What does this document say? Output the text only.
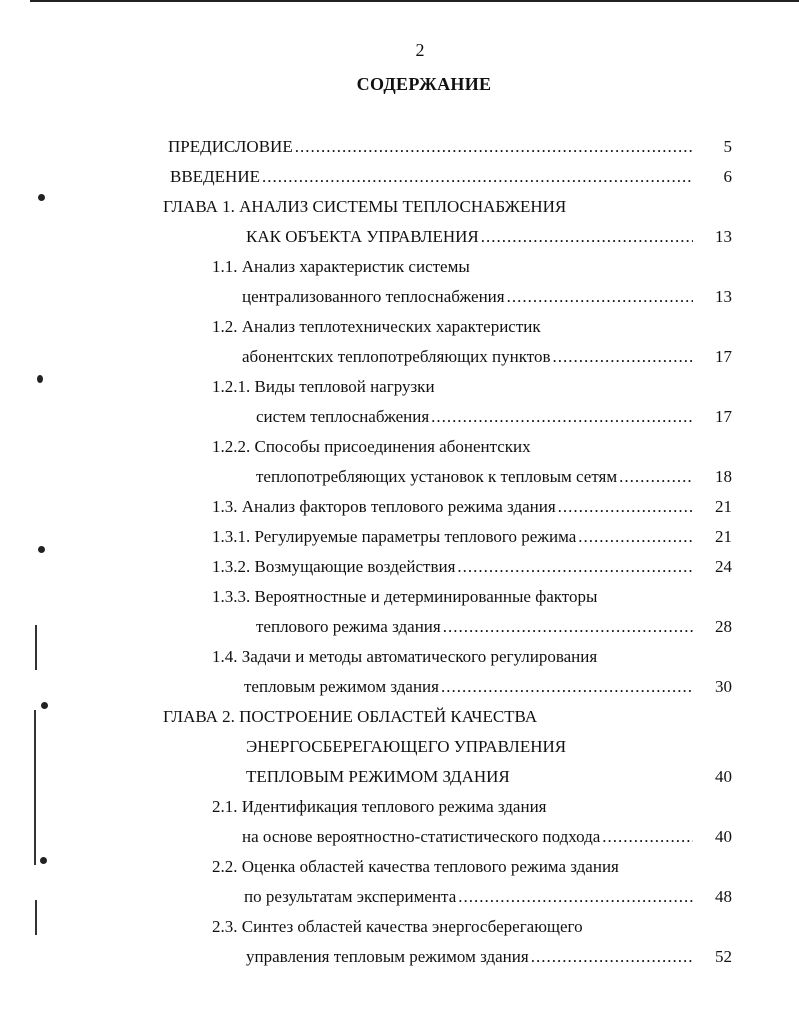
2
СОДЕРЖАНИЕ
ПРЕДИСЛОВИЕ .....	5
ВВЕДЕНИЕ .....	6
ГЛАВА 1. АНАЛИЗ СИСТЕМЫ ТЕПЛОСНАБЖЕНИЯ
КАК ОБЪЕКТА УПРАВЛЕНИЯ .....	13
1.1. Анализ характеристик системы
централизованного теплоснабжения .....	13
1.2. Анализ теплотехнических характеристик
абонентских теплопотребляющих пунктов .....	17
1.2.1. Виды тепловой нагрузки
систем теплоснабжения .....	17
1.2.2. Способы присоединения абонентских
теплопотребляющих установок к тепловым сетям .....	18
1.3. Анализ факторов теплового режима здания .....	21
1.3.1. Регулируемые параметры теплового режима .....	21
1.3.2. Возмущающие воздействия .....	24
1.3.3. Вероятностные и детерминированные факторы
теплового режима здания .....	28
1.4. Задачи и методы автоматического регулирования
тепловым режимом здания .....	30
ГЛАВА 2. ПОСТРОЕНИЕ ОБЛАСТЕЙ КАЧЕСТВА
ЭНЕРГОСБЕРЕГАЮЩЕГО УПРАВЛЕНИЯ
ТЕПЛОВЫМ РЕЖИМОМ ЗДАНИЯ	40
2.1. Идентификация теплового режима здания
на основе вероятностно-статистического подхода .....	40
2.2. Оценка областей качества теплового режима здания
по результатам эксперимента .....	48
2.3. Синтез областей качества энергосберегающего
управления тепловым режимом здания .....	52
